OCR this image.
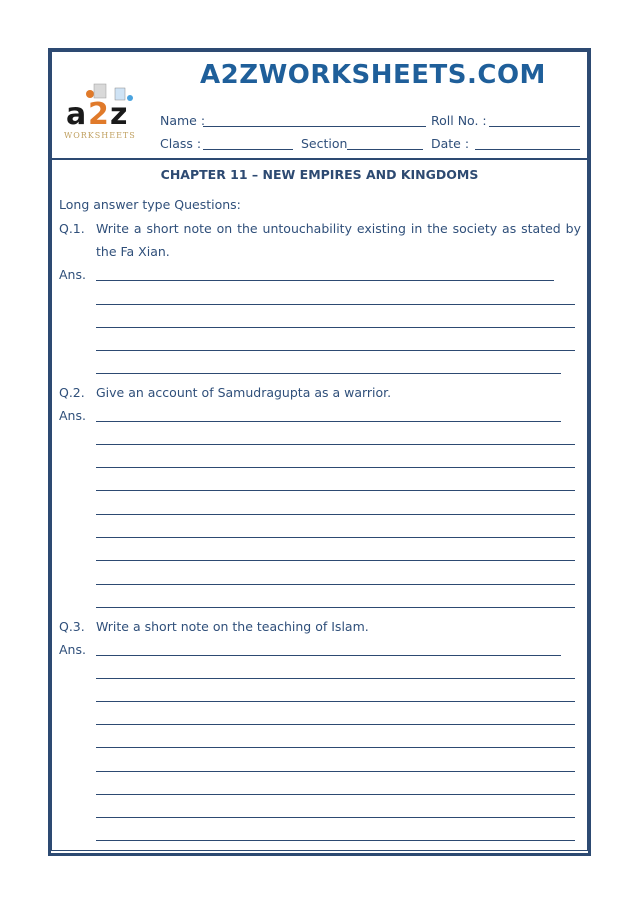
a 2 z
WORKSHEETS
A2ZWORKSHEETS.COM
Name :	Roll No. :
Class :	Section	Date :
CHAPTER 11 – NEW EMPIRES AND KINGDOMS
Long answer type Questions:
Q.1. Write a short note on the untouchability existing in the society as stated by the Fa Xian.
Ans.
Q.2. Give an account of Samudragupta as a warrior.
Ans.
Q.3. Write a short note on the teaching of Islam.
Ans.
